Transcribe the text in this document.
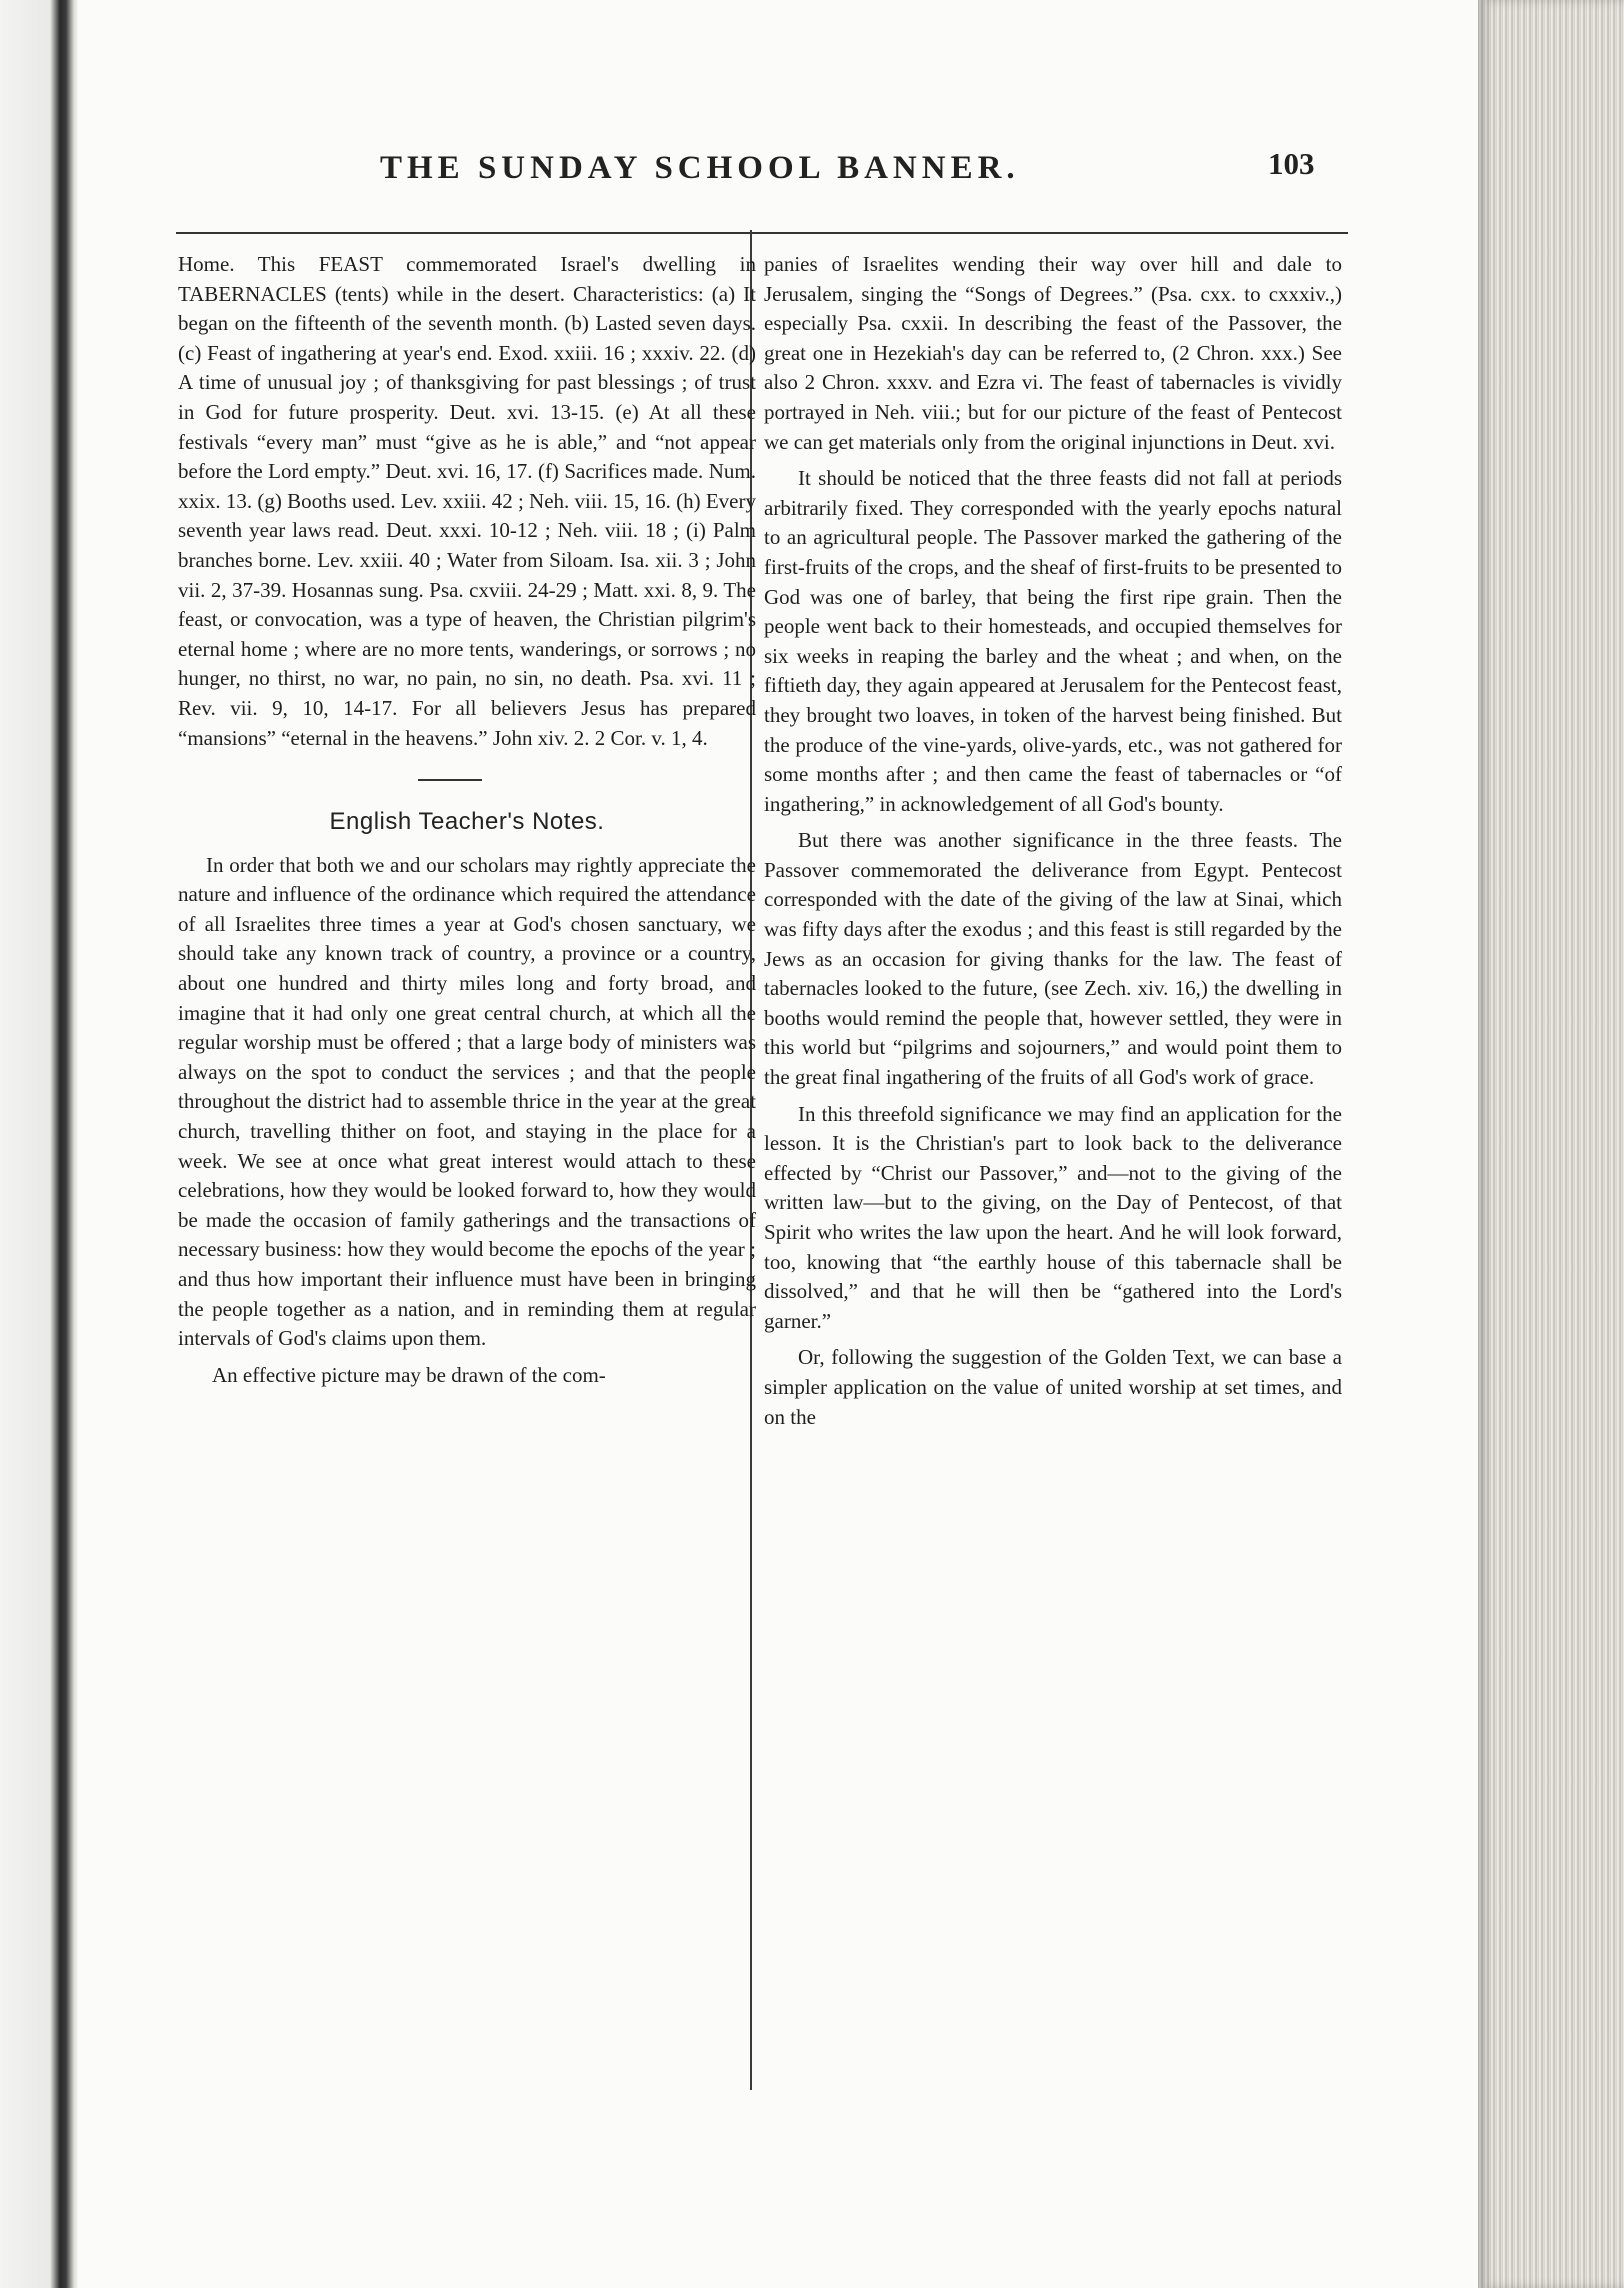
THE SUNDAY SCHOOL BANNER.	103

Home. This FEAST commemorated Israel's dwelling in TABERNACLES (tents) while in the desert. Characteristics: (a) It began on the fifteenth of the seventh month. (b) Lasted seven days. (c) Feast of ingathering at year's end. Exod. xxiii. 16 ; xxxiv. 22. (d) A time of unusual joy ; of thanksgiving for past blessings ; of trust in God for future prosperity. Deut. xvi. 13-15. (e) At all these festivals “every man” must “give as he is able,” and “not appear before the Lord empty.” Deut. xvi. 16, 17. (f) Sacrifices made. Num. xxix. 13. (g) Booths used. Lev. xxiii. 42 ; Neh. viii. 15, 16. (h) Every seventh year laws read. Deut. xxxi. 10-12 ; Neh. viii. 18 ; (i) Palm branches borne. Lev. xxiii. 40 ; Water from Siloam. Isa. xii. 3 ; John vii. 2, 37-39. Hosannas sung. Psa. cxviii. 24-29 ; Matt. xxi. 8, 9. The feast, or convocation, was a type of heaven, the Christian pilgrim's eternal home ; where are no more tents, wanderings, or sorrows ; no hunger, no thirst, no war, no pain, no sin, no death. Psa. xvi. 11 ; Rev. vii. 9, 10, 14-17. For all believers Jesus has prepared “mansions” “eternal in the heavens.” John xiv. 2. 2 Cor. v. 1, 4.

English Teacher's Notes.

In order that both we and our scholars may rightly appreciate the nature and influence of the ordinance which required the attendance of all Israelites three times a year at God's chosen sanctuary, we should take any known track of country, a province or a country, about one hundred and thirty miles long and forty broad, and imagine that it had only one great central church, at which all the regular worship must be offered ; that a large body of ministers was always on the spot to conduct the services ; and that the people throughout the district had to assemble thrice in the year at the great church, travelling thither on foot, and staying in the place for a week. We see at once what great interest would attach to these celebrations, how they would be looked forward to, how they would be made the occasion of family gatherings and the transactions of necessary business: how they would become the epochs of the year ; and thus how important their influence must have been in bringing the people together as a nation, and in reminding them at regular intervals of God's claims upon them.

An effective picture may be drawn of the com-

panies of Israelites wending their way over hill and dale to Jerusalem, singing the “Songs of Degrees.” (Psa. cxx. to cxxxiv.,) especially Psa. cxxii. In describing the feast of the Passover, the great one in Hezekiah's day can be referred to, (2 Chron. xxx.) See also 2 Chron. xxxv. and Ezra vi. The feast of tabernacles is vividly portrayed in Neh. viii.; but for our picture of the feast of Pentecost we can get materials only from the original injunctions in Deut. xvi.

It should be noticed that the three feasts did not fall at periods arbitrarily fixed. They corresponded with the yearly epochs natural to an agricultural people. The Passover marked the gathering of the first-fruits of the crops, and the sheaf of first-fruits to be presented to God was one of barley, that being the first ripe grain. Then the people went back to their homesteads, and occupied themselves for six weeks in reaping the barley and the wheat ; and when, on the fiftieth day, they again appeared at Jerusalem for the Pentecost feast, they brought two loaves, in token of the harvest being finished. But the produce of the vine-yards, olive-yards, etc., was not gathered for some months after ; and then came the feast of tabernacles or “of ingathering,” in acknowledgement of all God's bounty.

But there was another significance in the three feasts. The Passover commemorated the deliverance from Egypt. Pentecost corresponded with the date of the giving of the law at Sinai, which was fifty days after the exodus ; and this feast is still regarded by the Jews as an occasion for giving thanks for the law. The feast of tabernacles looked to the future, (see Zech. xiv. 16,) the dwelling in booths would remind the people that, however settled, they were in this world but “pilgrims and sojourners,” and would point them to the great final ingathering of the fruits of all God's work of grace.

In this threefold significance we may find an application for the lesson. It is the Christian's part to look back to the deliverance effected by “Christ our Passover,” and—not to the giving of the written law—but to the giving, on the Day of Pentecost, of that Spirit who writes the law upon the heart. And he will look forward, too, knowing that “the earthly house of this tabernacle shall be dissolved,” and that he will then be “gathered into the Lord's garner.”

Or, following the suggestion of the Golden Text, we can base a simpler application on the value of united worship at set times, and on the
